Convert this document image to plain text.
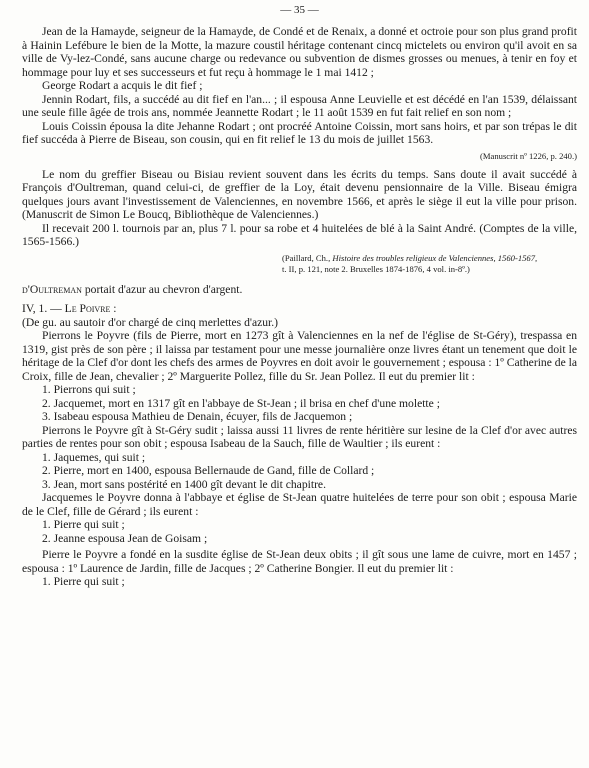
— 35 —

Jean de la Hamayde, seigneur de la Hamayde, de Condé et de Renaix, a donné et octroie pour son plus grand profit à Hainin Lefébure le bien de la Motte, la mazure coustil héritage contenant cincq mictelets ou environ qu'il avoit en sa ville de Vy-lez-Condé, sans aucune charge ou redevance ou subvention de dismes grosses ou menues, à tenir en foy et hommage pour luy et ses successeurs et fut reçu à hommage le 1 mai 1412 ;

George Rodart a acquis le dit fief ;

Jennin Rodart, fils, a succédé au dit fief en l'an... ; il espousa Anne Leuvielle et est décédé en l'an 1539, délaissant une seule fille âgée de trois ans, nommée Jeannette Rodart ; le 11 août 1539 en fut fait relief en son nom ;

Louis Coissin épousa la dite Jehanne Rodart ; ont procréé Antoine Coissin, mort sans hoirs, et par son trépas le dit fief succéda à Pierre de Biseau, son cousin, qui en fit relief le 13 du mois de juillet 1563.

(Manuscrit nº 1226, p. 240.)

Le nom du greffier Biseau ou Bisiau revient souvent dans les écrits du temps. Sans doute il avait succédé à François d'Oultreman, quand celui-ci, de greffier de la Loy, était devenu pensionnaire de la Ville. Biseau émigra quelques jours avant l'investissement de Valenciennes, en novembre 1566, et après le siège il eut la ville pour prison. (Manuscrit de Simon Le Boucq, Bibliothèque de Valenciennes.)

Il recevait 200 l. tournois par an, plus 7 l. pour sa robe et 4 huitelées de blé à la Saint André. (Comptes de la ville, 1565-1566.)

(Paillard, Ch., Histoire des troubles religieux de Valenciennes, 1560-1567,
t. II, p. 121, note 2. Bruxelles 1874-1876, 4 vol. in-8º.)

d'Oultreman portait d'azur au chevron d'argent.

IV, 1. — Le Poivre :

(De gu. au sautoir d'or chargé de cinq merlettes d'azur.)

Pierrons le Poyvre (fils de Pierre, mort en 1273 gît à Valenciennes en la nef de l'église de St-Géry), trespassa en 1319, gist près de son père ; il laissa par testament pour une messe journalière onze livres étant un tenement que doit le héritage de la Clef d'or dont les chefs des armes de Poyvres en doit avoir le gouvernement ; espousa : 1º Catherine de la Croix, fille de Jean, chevalier ; 2º Marguerite Pollez, fille du Sr. Jean Pollez. Il eut du premier lit :

1. Pierrons qui suit ;
2. Jacquemet, mort en 1317 gît en l'abbaye de St-Jean ; il brisa en chef d'une molette ;
3. Isabeau espousa Mathieu de Denain, écuyer, fils de Jacquemon ;

Pierrons le Poyvre gît à St-Géry sudit ; laissa aussi 11 livres de rente héritière sur lesine de la Clef d'or avec autres parties de rentes pour son obit ; espousa Isabeau de la Sauch, fille de Waultier ; ils eurent :

1. Jaquemes, qui suit ;
2. Pierre, mort en 1400, espousa Bellernaude de Gand, fille de Collard ;
3. Jean, mort sans postérité en 1400 gît devant le dit chapitre.

Jacquemes le Poyvre donna à l'abbaye et église de St-Jean quatre huitelées de terre pour son obit ; espousa Marie de le Clef, fille de Gérard ; ils eurent :

1. Pierre qui suit ;
2. Jeanne espousa Jean de Goisam ;

Pierre le Poyvre a fondé en la susdite église de St-Jean deux obits ; il gît sous une lame de cuivre, mort en 1457 ; espousa : 1º Laurence de Jardin, fille de Jacques ; 2º Catherine Bongier. Il eut du premier lit :

1. Pierre qui suit ;
